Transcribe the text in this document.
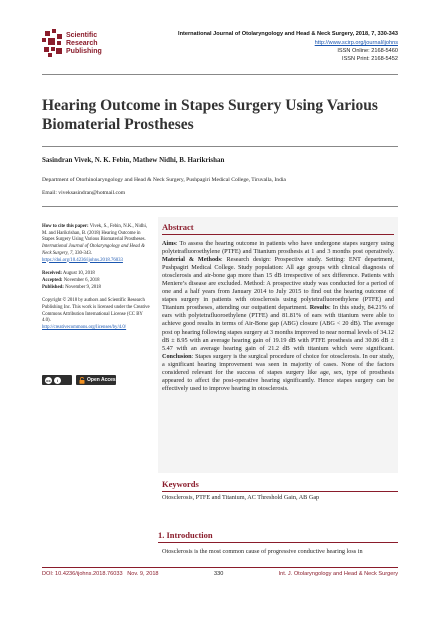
Scientific
Research
Publishing
International Journal of Otolaryngology and Head & Neck Surgery, 2018, 7, 330-343
http://www.scirp.org/journal/ijohns
ISSN Online: 2168-5460
ISSN Print: 2168-5452
Hearing Outcome in Stapes Surgery Using Various Biomaterial Prostheses
Sasindran Vivek, N. K. Febin, Mathew Nidhi, B. Harikrishan
Department of Otorhinolaryngology and Head & Neck Surgery, Pushpagiri Medical College, Tiruvalla, India
Email: viveksasindran@hotmail.com

How to cite this paper: Vivek, S., Febin, N.K., Nidhi, M. and Harikrishan, B. (2018) Hearing Outcome in Stapes Surgery Using Various Biomaterial Prostheses. International Journal of Otolaryngology and Head & Neck Surgery, 7, 330-343. https://doi.org/10.4236/ijohns.2018.76033

Received: August 10, 2018

Accepted: November 6, 2018

Published: November 9, 2018

Copyright © 2018 by authors and Scientific Research Publishing Inc. This work is licensed under the Creative Commons Attribution International License (CC BY 4.0).

http://creativecommons.org/licenses/by/4.0/

cc	i	Open Access
Abstract
Aims: To assess the hearing outcome in patients who have undergone stapes surgery using polytetrafluoroethylene (PTFE) and Titanium prosthesis at 1 and 3 months post operatively. Material & Methods: Research design: Prospective study. Setting: ENT department, Pushpagiri Medical College. Study population: All age groups with clinical diagnosis of otosclerosis and air-bone gap more than 15 dB irrespective of sex difference. Patients with Meniere’s disease are excluded. Method: A prospective study was conducted for a period of one and a half years from January 2014 to July 2015 to find out the hearing outcome of stapes surgery in patients with otosclerosis using polytetrafluoroethylene (PTFE) and Titanium prostheses, attending our outpatient department. Results: In this study, 84.21% of ears with polytetrafluoroethylene (PTFE) and 81.81% of ears with titanium were able to achieve good results in terms of Air-Bone gap (ABG) closure (ABG < 20 dB). The average post op hearing following stapes surgery at 3 months improved to near normal levels of 34.12 dB ± 8.95 with an average hearing gain of 19.19 dB with PTFE prosthesis and 30.86 dB ± 5.47 with an average hearing gain of 21.2 dB with titanium which were significant. Conclusion: Stapes surgery is the surgical procedure of choice for otosclerosis. In our study, a significant hearing improvement was seen in majority of cases. None of the factors considered relevant for the success of stapes surgery like age, sex, type of prosthesis appeared to affect the post-operative hearing significantly. Hence stapes surgery can be effectively used to improve hearing in otosclerosis.
Keywords
Otosclerosis, PTFE and Titanium, AC Threshold Gain, AB Gap
1. Introduction
Otosclerosis is the most common cause of progressive conductive hearing loss in
DOI: 10.4236/ijohns.2018.76033 Nov. 9, 2018	330	Int. J. Otolaryngology and Head & Neck Surgery
